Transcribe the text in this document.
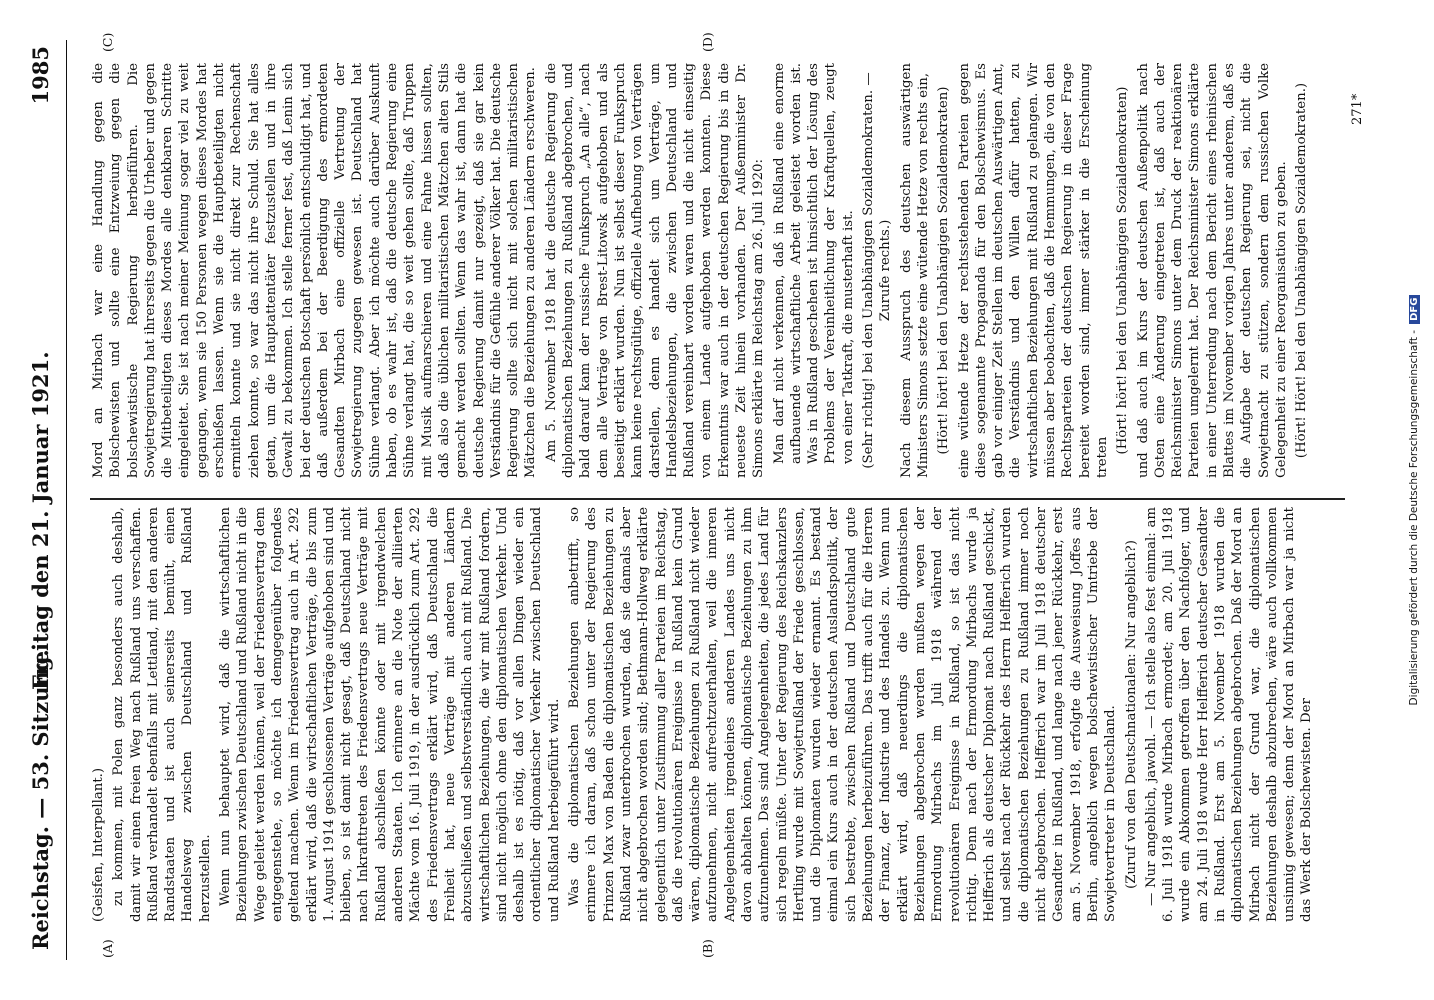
Reichstag. — 53. Sitzung.
Freitag den 21. Januar 1921.
1985
(A)	(B)
(C)	(D)

(Geisfen, Interpellant.) zu kommen, mit Polen ganz besonders auch deshalb, damit wir einen freien Weg nach Rußland uns verschaffen. Rußland verhandelt ebenfalls mit Lettland, mit den anderen Randstaaten und ist auch seinerseits bemüht, einen Handelsweg zwischen Deutschland und Rußland herzustellen. Wenn nun behauptet wird, daß die wirtschaftlichen Beziehungen zwischen Deutschland und Rußland nicht in die Wege geleitet werden können, weil der Friedensvertrag dem entgegenstehe, so möchte ich demgegenüber folgendes geltend machen. Wenn im Friedensvertrag auch in Art. 292 erklärt wird, daß die wirtschaftlichen Verträge, die bis zum 1. August 1914 geschlossenen Verträge aufgehoben sind und bleiben, so ist damit nicht gesagt, daß Deutschland nicht nach Inkrafttreten des Friedensvertrags neue Verträge mit Rußland abschließen könnte oder mit irgendwelchen anderen Staaten. Ich erinnere an die Note der alliierten Mächte vom 16. Juli 1919, in der ausdrücklich zum Art. 292 des Friedensvertrags erklärt wird, daß Deutschland die Freiheit hat, neue Verträge mit anderen Ländern abzuschließen und selbstverständlich auch mit Rußland. Die wirtschaftlichen Beziehungen, die wir mit Rußland fordern, sind nicht möglich ohne den diplomatischen Verkehr. Und deshalb ist es nötig, daß vor allen Dingen wieder ein ordentlicher diplomatischer Verkehr zwischen Deutschland und Rußland herbeigeführt wird. Was die diplomatischen Beziehungen anbetrifft, so erinnere ich daran, daß schon unter der Regierung des Prinzen Max von Baden die diplomatischen Beziehungen zu Rußland zwar unterbrochen wurden, daß sie damals aber nicht abgebrochen worden sind; Bethmann-Hollweg erklärte gelegentlich unter Zustimmung aller Parteien im Reichstag, daß die revolutionären Ereignisse in Rußland kein Grund wären, diplomatische Beziehungen zu Rußland nicht wieder aufzunehmen, nicht aufrechtzuerhalten, weil die inneren Angelegenheiten irgendeines anderen Landes uns nicht davon abhalten können, diplomatische Beziehungen zu ihm aufzunehmen. Das sind Angelegenheiten, die jedes Land für sich regeln müßte. Unter der Regierung des Reichskanzlers Hertling wurde mit Sowjetrußland der Friede geschlossen, und die Diplomaten wurden wieder ernannt. Es bestand einmal ein Kurs auch in der deutschen Auslandspolitik, der sich bestrebte, zwischen Rußland und Deutschland gute Beziehungen herbeizuführen. Das trifft auch für die Herren der Finanz, der Industrie und des Handels zu. Wenn nun erklärt wird, daß neuerdings die diplomatischen Beziehungen abgebrochen werden mußten wegen der Ermordung Mirbachs im Juli 1918 während der revolutionären Ereignisse in Rußland, so ist das nicht richtig. Denn nach der Ermordung Mirbachs wurde ja Helfferich als deutscher Diplomat nach Rußland geschickt, und selbst nach der Rückkehr des Herrn Helfferich wurden die diplomatischen Beziehungen zu Rußland immer noch nicht abgebrochen. Helfferich war im Juli 1918 deutscher Gesandter in Rußland, und lange nach jener Rückkehr, erst am 5. November 1918, erfolgte die Ausweisung Joffes aus Berlin, angeblich wegen bolschewistischer Umtriebe der Sowjetvertreter in Deutschland. (Zuruf von den Deutschnationalen: Nur angeblich?) — Nur angeblich, jawohl. — Ich stelle also fest einmal: am 6. Juli 1918 wurde Mirbach ermordet; am 20. Juli 1918 wurde ein Abkommen getroffen über den Nachfolger, und am 24. Juli 1918 wurde Herr Helfferich deutscher Gesandter in Rußland. Erst am 5. November 1918 wurden die diplomatischen Beziehungen abgebrochen. Daß der Mord an Mirbach nicht der Grund war, die diplomatischen Beziehungen deshalb abzubrechen, wäre auch vollkommen unsinnig gewesen; denn der Mord an Mirbach war ja nicht das Werk der Bolschewisten. Der

Mord an Mirbach war eine Handlung gegen die Bolschewisten und sollte eine Entzweiung gegen die bolschewistische Regierung herbeiführen. Die Sowjetregierung hat ihrerseits gegen die Urheber und gegen die Mitbeteiligten dieses Mordes alle denkbaren Schritte eingeleitet. Sie ist nach meiner Meinung sogar viel zu weit gegangen, wenn sie 150 Personen wegen dieses Mordes hat erschießen lassen. Wenn sie die Hauptbeteiligten nicht ermitteln konnte und sie nicht direkt zur Rechenschaft ziehen konnte, so war das nicht ihre Schuld. Sie hat alles getan, um die Hauptattentäter festzustellen und in ihre Gewalt zu bekommen. Ich stelle ferner fest, daß Lenin sich bei der deutschen Botschaft persönlich entschuldigt hat, und daß außerdem bei der Beerdigung des ermordeten Gesandten Mirbach eine offizielle Vertretung der Sowjetregierung zugegen gewesen ist. Deutschland hat Sühne verlangt. Aber ich möchte auch darüber Auskunft haben, ob es wahr ist, daß die deutsche Regierung eine Sühne verlangt hat, die so weit gehen sollte, daß Truppen mit Musik aufmarschieren und eine Fahne hissen sollten, daß also die üblichen militaristischen Mätzchen alten Stils gemacht werden sollten. Wenn das wahr ist, dann hat die deutsche Regierung damit nur gezeigt, daß sie gar kein Verständnis für die Gefühle anderer Völker hat. Die deutsche Regierung sollte sich nicht mit solchen militaristischen Mätzchen die Beziehungen zu anderen Ländern erschweren. Am 5. November 1918 hat die deutsche Regierung die diplomatischen Beziehungen zu Rußland abgebrochen, und bald darauf kam der russische Funkspruch „An alle“, nach dem alle Verträge von Brest-Litowsk aufgehoben und als beseitigt erklärt wurden. Nun ist selbst dieser Funkspruch kann keine rechtsgültige, offizielle Aufhebung von Verträgen darstellen, denn es handelt sich um Verträge, um Handelsbeziehungen, die zwischen Deutschland und Rußland vereinbart worden waren und die nicht einseitig von einem Lande aufgehoben werden konnten. Diese Erkenntnis war auch in der deutschen Regierung bis in die neueste Zeit hinein vorhanden. Der Außenminister Dr. Simons erklärte im Reichstag am 26. Juli 1920: Man darf nicht verkennen, daß in Rußland eine enorme aufbauende wirtschaftliche Arbeit geleistet worden ist. Was in Rußland geschehen ist hinsichtlich der Lösung des Problems der Vereinheitlichung der Kraftquellen, zeugt von einer Tatkraft, die musterhaft ist. (Sehr richtig! bei den Unabhängigen Sozialdemokraten. — Zurufe rechts.) Nach diesem Ausspruch des deutschen auswärtigen Ministers Simons setzte eine wütende Hetze von rechts ein, (Hört! hört! bei den Unabhängigen Sozialdemokraten) eine wütende Hetze der rechtsstehenden Parteien gegen diese sogenannte Propaganda für den Bolschewismus. Es gab vor einiger Zeit Stellen im deutschen Auswärtigen Amt, die Verständnis und den Willen dafür hatten, zu wirtschaftlichen Beziehungen mit Rußland zu gelangen. Wir müssen aber beobachten, daß die Hemmungen, die von den Rechtsparteien der deutschen Regierung in dieser Frage bereitet worden sind, immer stärker in die Erscheinung treten

(Hört! hört! bei den Unabhängigen Sozialdemokraten) und daß auch im Kurs der deutschen Außenpolitik nach Osten eine Änderung eingetreten ist, daß auch der Reichsminister Simons unter dem Druck der reaktionären Parteien umgelernt hat. Der Reichsminister Simons erklärte in einer Unterredung nach dem Bericht eines rheinischen Blattes im November vorigen Jahres unter anderem, daß es die Aufgabe der deutschen Regierung sei, nicht die Sowjetmacht zu stützen, sondern dem russischen Volke Gelegenheit zu einer Reorganisation zu geben. (Hört! Hört! bei den Unabhängigen Sozialdemokraten.)	271*
Digitalisierung gefördert durch die Deutsche Forschungsgemeinschaft -DFG
